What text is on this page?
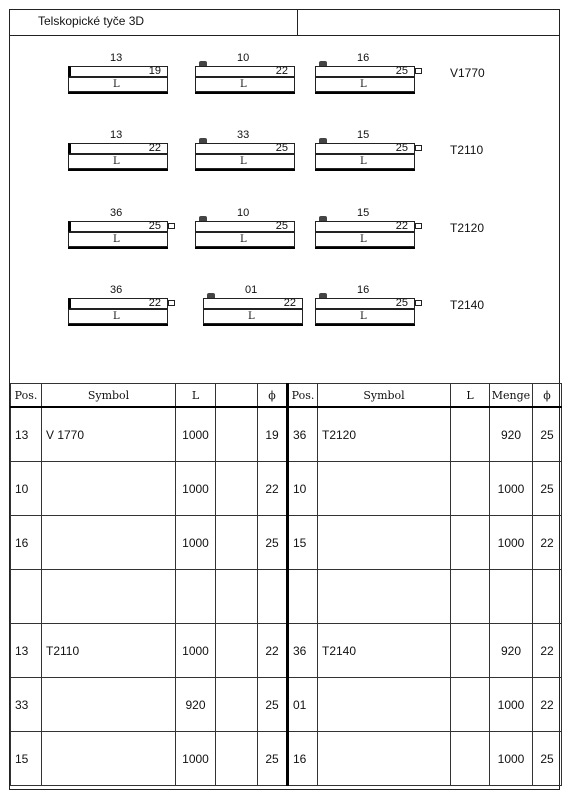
Telskopické tyče 3D
13
19
L
10
22
L
16
25
L
V1770
13
22
L
33
25
L
15
25
L
T2110
36
25
L
10
25
L
15
22
L
T2120
36
22
L
01
22
L
16
25
L
T2140
Pos.	Symbol	L		ϕ	Pos.	Symbol	L	Menge	ϕ
13	V 1770	1000		19	36	T2120		920	25
10		1000		22	10			1000	25
16		1000		25	15			1000	22

13	T2110	1000		22	36	T2140		920	22
33		920		25	01			1000	22
15		1000		25	16			1000	25
